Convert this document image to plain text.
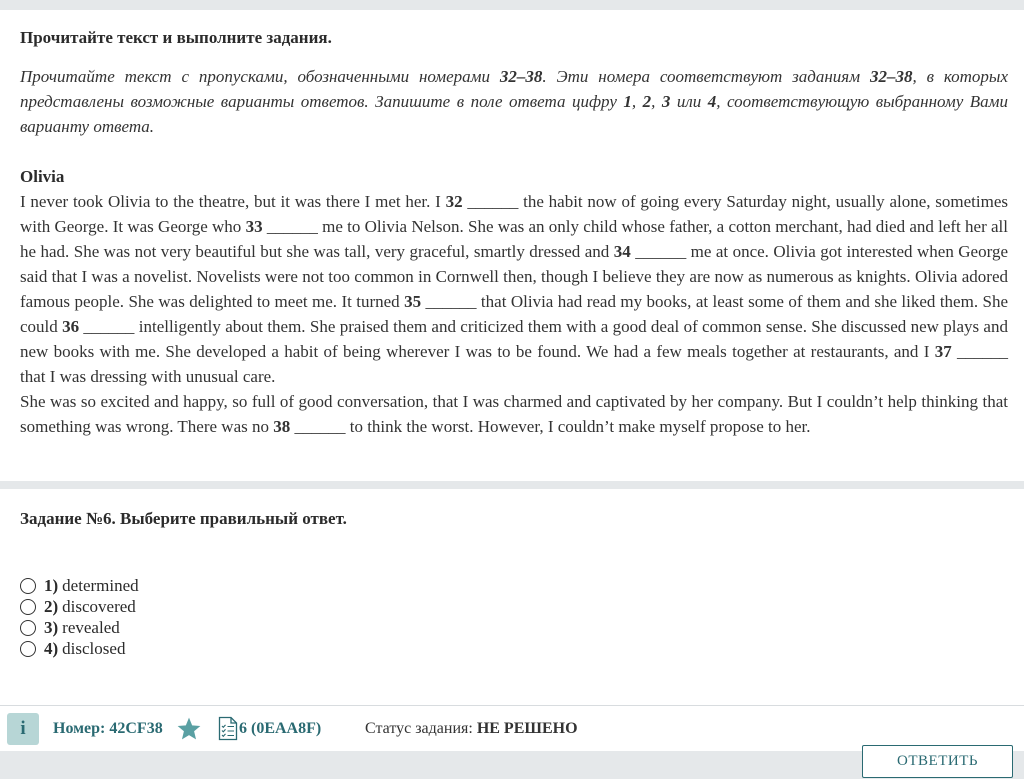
Прочитайте текст и выполните задания.
Прочитайте текст с пропусками, обозначенными номерами 32–38. Эти номера соответствуют заданиям 32–38, в которых представлены возможные варианты ответов. Запишите в поле ответа цифру 1, 2, 3 или 4, соответствующую выбранному Вами варианту ответа.
Olivia

I never took Olivia to the theatre, but it was there I met her. I 32 ______ the habit now of going every Saturday night, usually alone, sometimes with George. It was George who 33 ______ me to Olivia Nelson. She was an only child whose father, a cotton merchant, had died and left her all he had. She was not very beautiful but she was tall, very graceful, smartly dressed and 34 ______ me at once. Olivia got interested when George said that I was a novelist. Novelists were not too common in Cornwell then, though I believe they are now as numerous as knights. Olivia adored famous people. She was delighted to meet me. It turned 35 ______ that Olivia had read my books, at least some of them and she liked them. She could 36 ______ intelligently about them. She praised them and criticized them with a good deal of common sense. She discussed new plays and new books with me. She developed a habit of being wherever I was to be found. We had a few meals together at restaurants, and I 37 ______ that I was dressing with unusual care.

She was so excited and happy, so full of good conversation, that I was charmed and captivated by her company. But I couldn’t help thinking that something was wrong. There was no 38 ______ to think the worst. However, I couldn’t make myself propose to her.

Задание №6. Выберите правильный ответ.
1) determined
2) discovered
3) revealed
4) disclosed
i	Номер: 42CF38	6 (0EAA8F)	Статус задания: НЕ РЕШЕНО
ОТВЕТИТЬ
